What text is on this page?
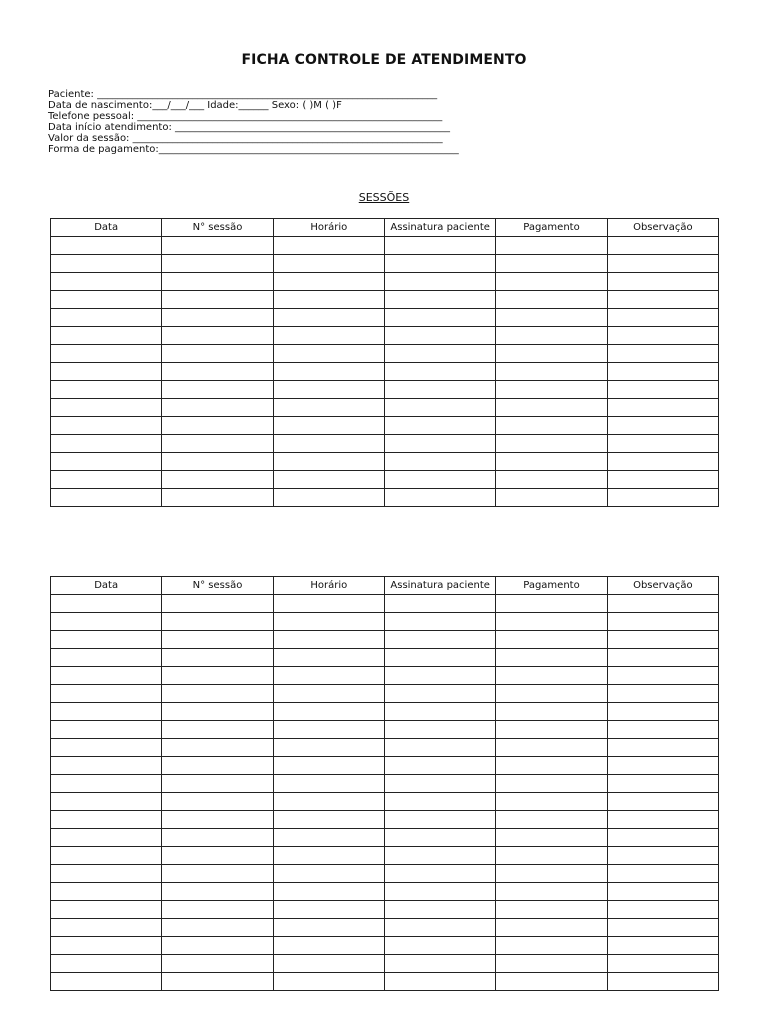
FICHA CONTROLE DE ATENDIMENTO
Paciente: ____________________________________________________________________
Data de nascimento:___/___/___ Idade:______ Sexo: ( )M ( )F
Telefone pessoal: _____________________________________________________________
Data início atendimento: _______________________________________________________
Valor da sessão: ______________________________________________________________
Forma de pagamento:____________________________________________________________
SESSÕES
Data	N° sessão	Horário	Assinatura paciente	Pagamento	Observação

Data	N° sessão	Horário	Assinatura paciente	Pagamento	Observação
